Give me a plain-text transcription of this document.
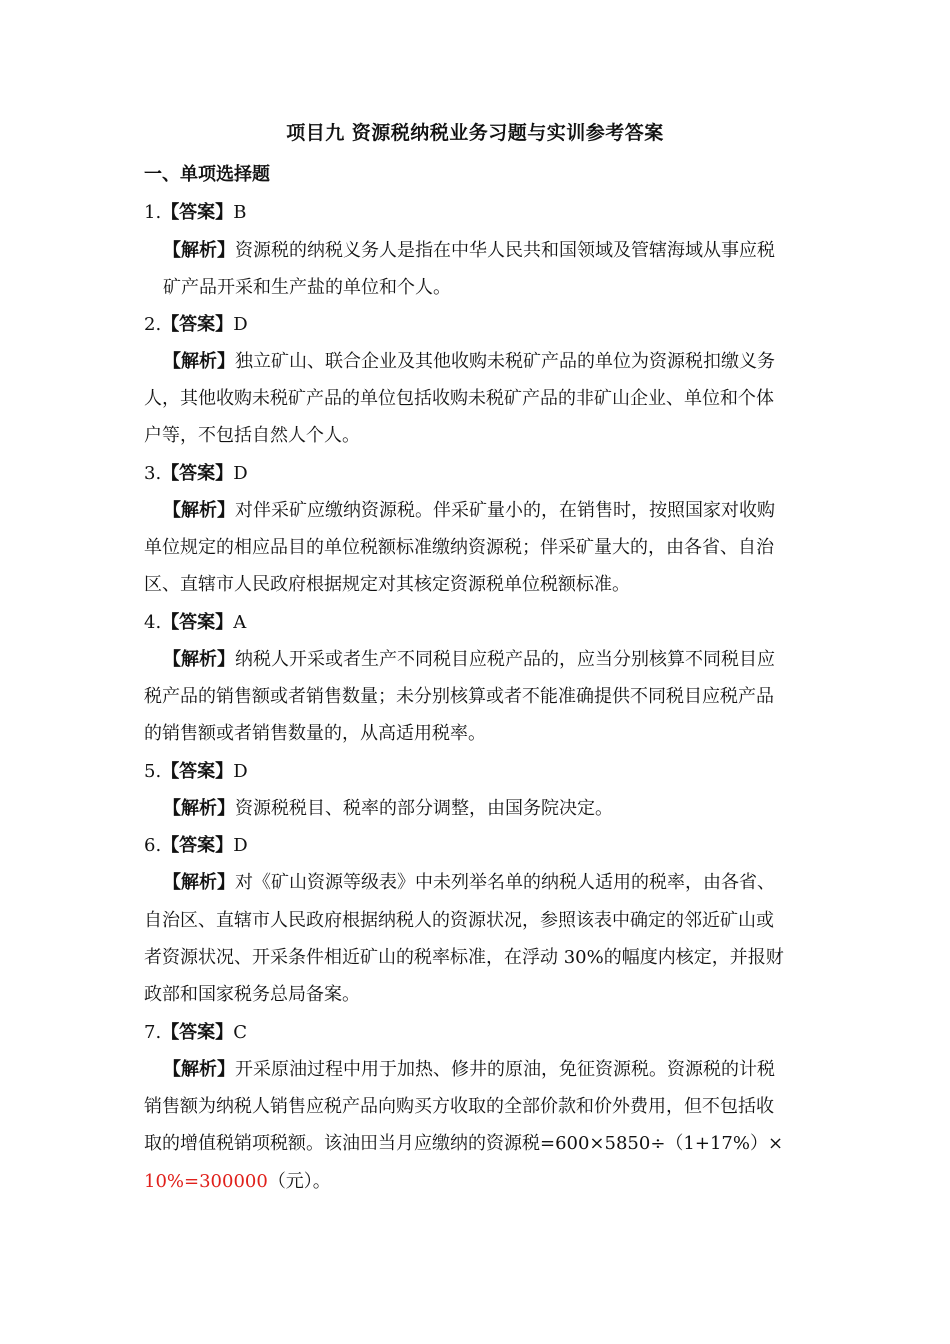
项目九 资源税纳税业务习题与实训参考答案
一、单项选择题
1.【答案】B
【解析】资源税的纳税义务人是指在中华人民共和国领域及管辖海域从事应税
矿产品开采和生产盐的单位和个人。
2.【答案】D
【解析】独立矿山、联合企业及其他收购未税矿产品的单位为资源税扣缴义务
人，其他收购未税矿产品的单位包括收购未税矿产品的非矿山企业、单位和个体
户等，不包括自然人个人。
3.【答案】D
【解析】对伴采矿应缴纳资源税。伴采矿量小的，在销售时，按照国家对收购
单位规定的相应品目的单位税额标准缴纳资源税；伴采矿量大的，由各省、自治
区、直辖市人民政府根据规定对其核定资源税单位税额标准。
4.【答案】A
【解析】纳税人开采或者生产不同税目应税产品的，应当分别核算不同税目应
税产品的销售额或者销售数量；未分别核算或者不能准确提供不同税目应税产品
的销售额或者销售数量的，从高适用税率。
5.【答案】D
【解析】资源税税目、税率的部分调整，由国务院决定。
6.【答案】D
【解析】对《矿山资源等级表》中未列举名单的纳税人适用的税率，由各省、
自治区、直辖市人民政府根据纳税人的资源状况，参照该表中确定的邻近矿山或
者资源状况、开采条件相近矿山的税率标准，在浮动 30%的幅度内核定，并报财
政部和国家税务总局备案。
7.【答案】C
【解析】开采原油过程中用于加热、修井的原油，免征资源税。资源税的计税
销售额为纳税人销售应税产品向购买方收取的全部价款和价外费用，但不包括收
取的增值税销项税额。该油田当月应缴纳的资源税=600×5850÷（1+17%）×
10%=300000（元）。
